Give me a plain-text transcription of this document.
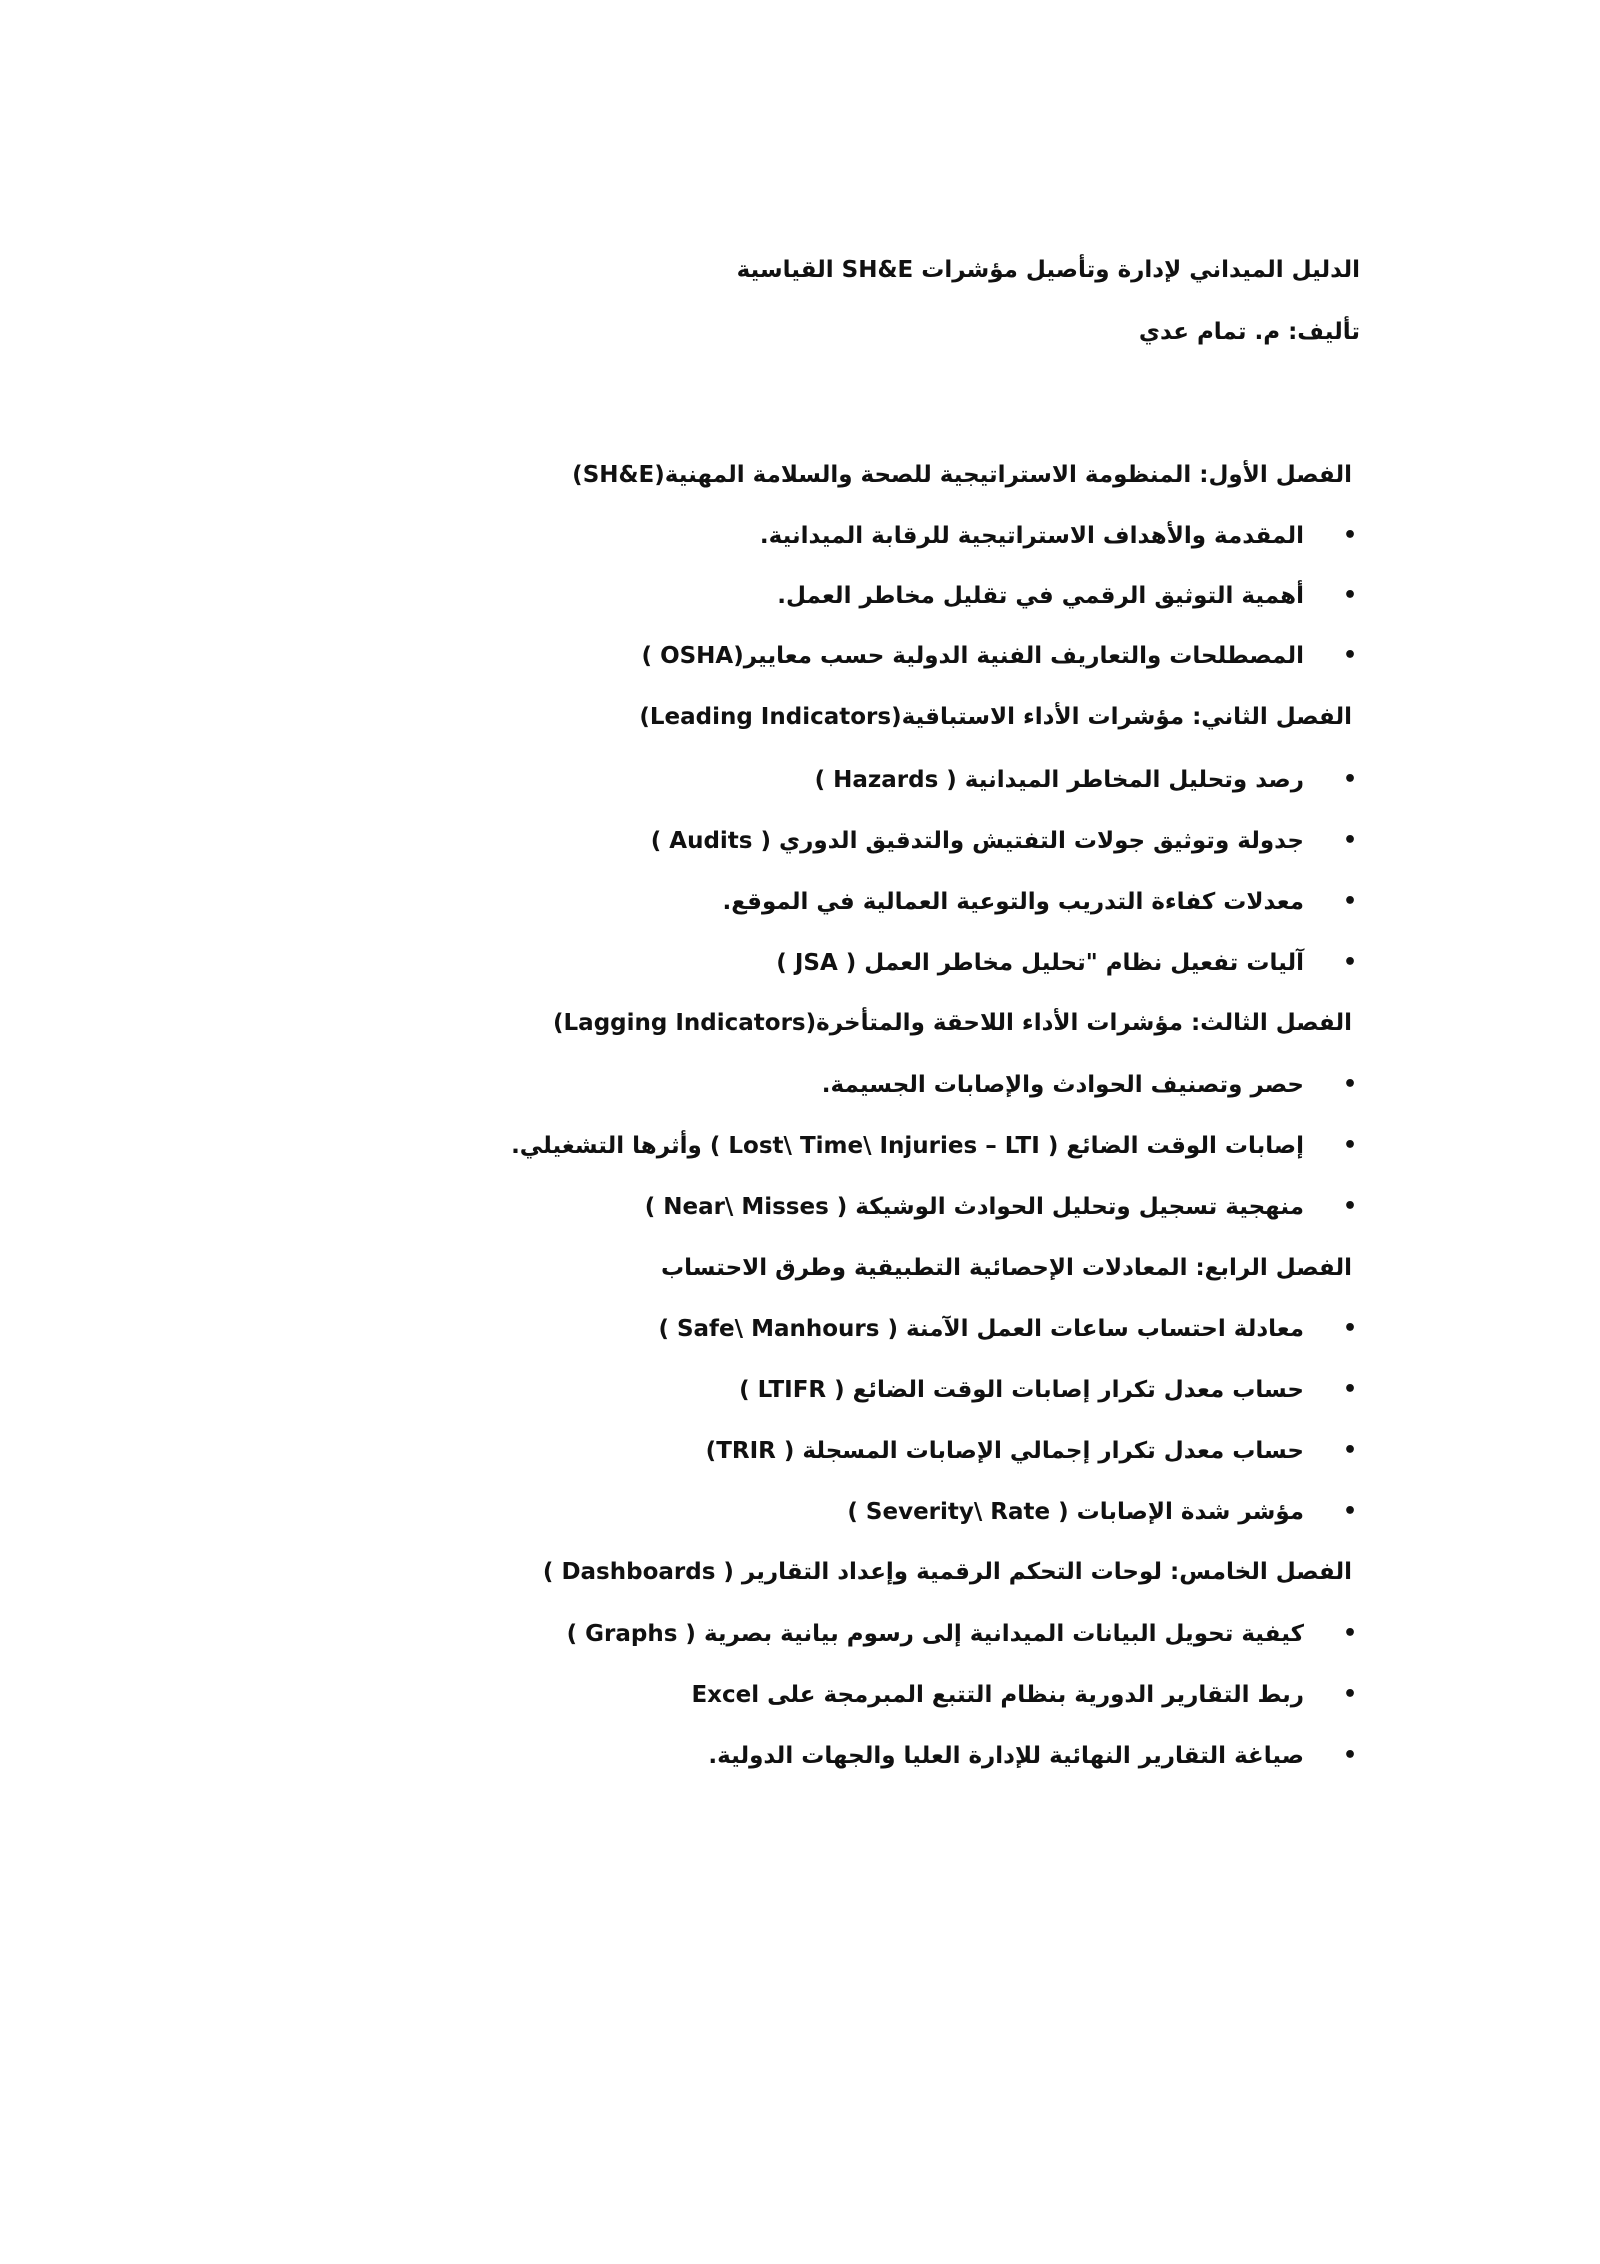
الدليل الميداني لإدارة وتأصيل مؤشرات SH&E القياسية
تأليف: م. تمام عدي
الفصل الأول: المنظومة الاستراتيجية للصحة والسلامة المهنية(SH&E)
•
المقدمة والأهداف الاستراتيجية للرقابة الميدانية.
•
أهمية التوثيق الرقمي في تقليل مخاطر العمل.
•
المصطلحات والتعاريف الفنية الدولية حسب معايير(OSHA )
الفصل الثاني: مؤشرات الأداء الاستباقية(Leading Indicators)
•
رصد وتحليل المخاطر الميدانية ( Hazards )
•
جدولة وتوثيق جولات التفتيش والتدقيق الدوري ( Audits )
•
معدلات كفاءة التدريب والتوعية العمالية في الموقع.
•
آليات تفعيل نظام "تحليل مخاطر العمل ( JSA )
الفصل الثالث: مؤشرات الأداء اللاحقة والمتأخرة(Lagging Indicators)
•
حصر وتصنيف الحوادث والإصابات الجسيمة.
•
إصابات الوقت الضائع ( Lost\ Time\ Injuries – LTI ) وأثرها التشغيلي.
•
منهجية تسجيل وتحليل الحوادث الوشيكة ( Near\ Misses )
الفصل الرابع: المعادلات الإحصائية التطبيقية وطرق الاحتساب
•
معادلة احتساب ساعات العمل الآمنة ( Safe\ Manhours )
•
حساب معدل تكرار إصابات الوقت الضائع ( LTIFR )
•
حساب معدل تكرار إجمالي الإصابات المسجلة ( TRIR)
•
مؤشر شدة الإصابات ( Severity\ Rate )
الفصل الخامس: لوحات التحكم الرقمية وإعداد التقارير ( Dashboards )
•
كيفية تحويل البيانات الميدانية إلى رسوم بيانية بصرية ( Graphs )
•
ربط التقارير الدورية بنظام التتبع المبرمجة على Excel
•
صياغة التقارير النهائية للإدارة العليا والجهات الدولية.
